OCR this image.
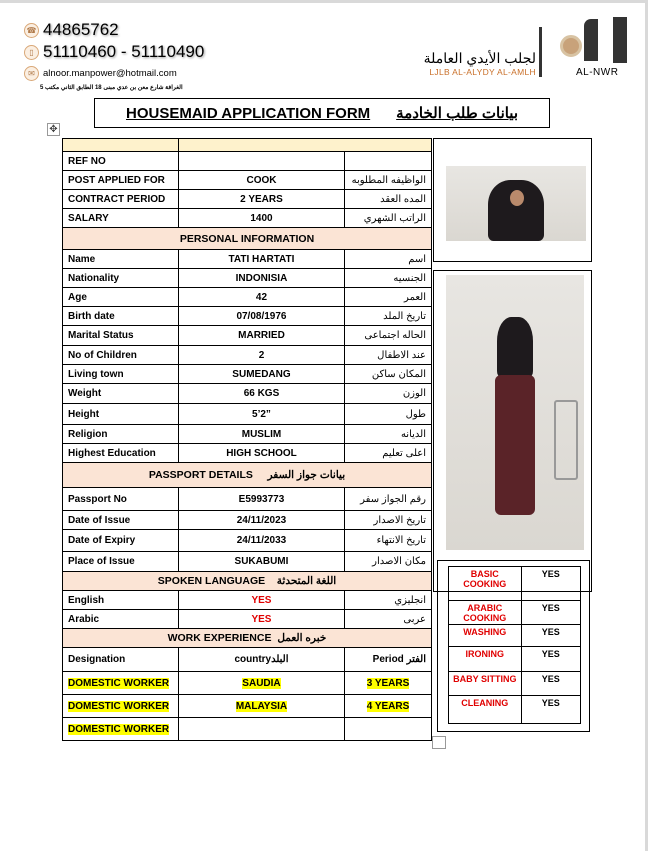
☎ 44865762
▯ 51110460 - 51110490
✉ alnoor.manpower@hotmail.com
الغرافة شارع معن بن عدي مبنى 18 الطابق الثاني مكتب 5
لجلب الأيدي العاملة
LJLB AL-ALYDY AL-AMLH	AL-NWR
HOUSEMAID APPLICATION FORM بيانات طلب الخادمة
✥

REF NO		
POST APPLIED FOR	COOK	الواظيفه المطلوبه
CONTRACT PERIOD	2 YEARS	المده العقد
SALARY	1400	الراتب الشهري
PERSONAL INFORMATION		
Name	TATI HARTATI	اسم
Nationality	INDONISIA	الجنسيه
Age	42	العمر
Birth date	07/08/1976	تاريخ الملد
Marital Status	MARRIED	الحاله اجتماعى
No of Children	2	عند الاطفال
Living town	SUMEDANG	المكان ساكن
Weight	66 KGS	الوزن
Height	5’2”	طول
Religion	MUSLIM	الديانه
Highest Education	HIGH SCHOOL	اعلى تعليم
PASSPORT DETAILS بيانات جواز السفر		
Passport No	E5993773	رقم الجواز سفر
Date of Issue	24/11/2023	تاريخ الاصدار
Date of Expiry	24/11/2033	تاريخ الانتهاء
Place of Issue	SUKABUMI	مكان الاصدار
SPOKEN LANGUAGE اللغة المتحدثة		
English	YES	انجليزي
Arabic	YES	عربى
WORK EXPERIENCE خبره العمل		
Designation	countryالبلد	الفتر Period
DOMESTIC WORKER	SAUDIA	3 YEARS
DOMESTIC WORKER	MALAYSIA	4 YEARS
DOMESTIC WORKER		
BASIC COOKING	YES
ARABIC COOKING	YES
WASHING	YES
IRONING	YES
BABY SITTING	YES
CLEANING	YES
